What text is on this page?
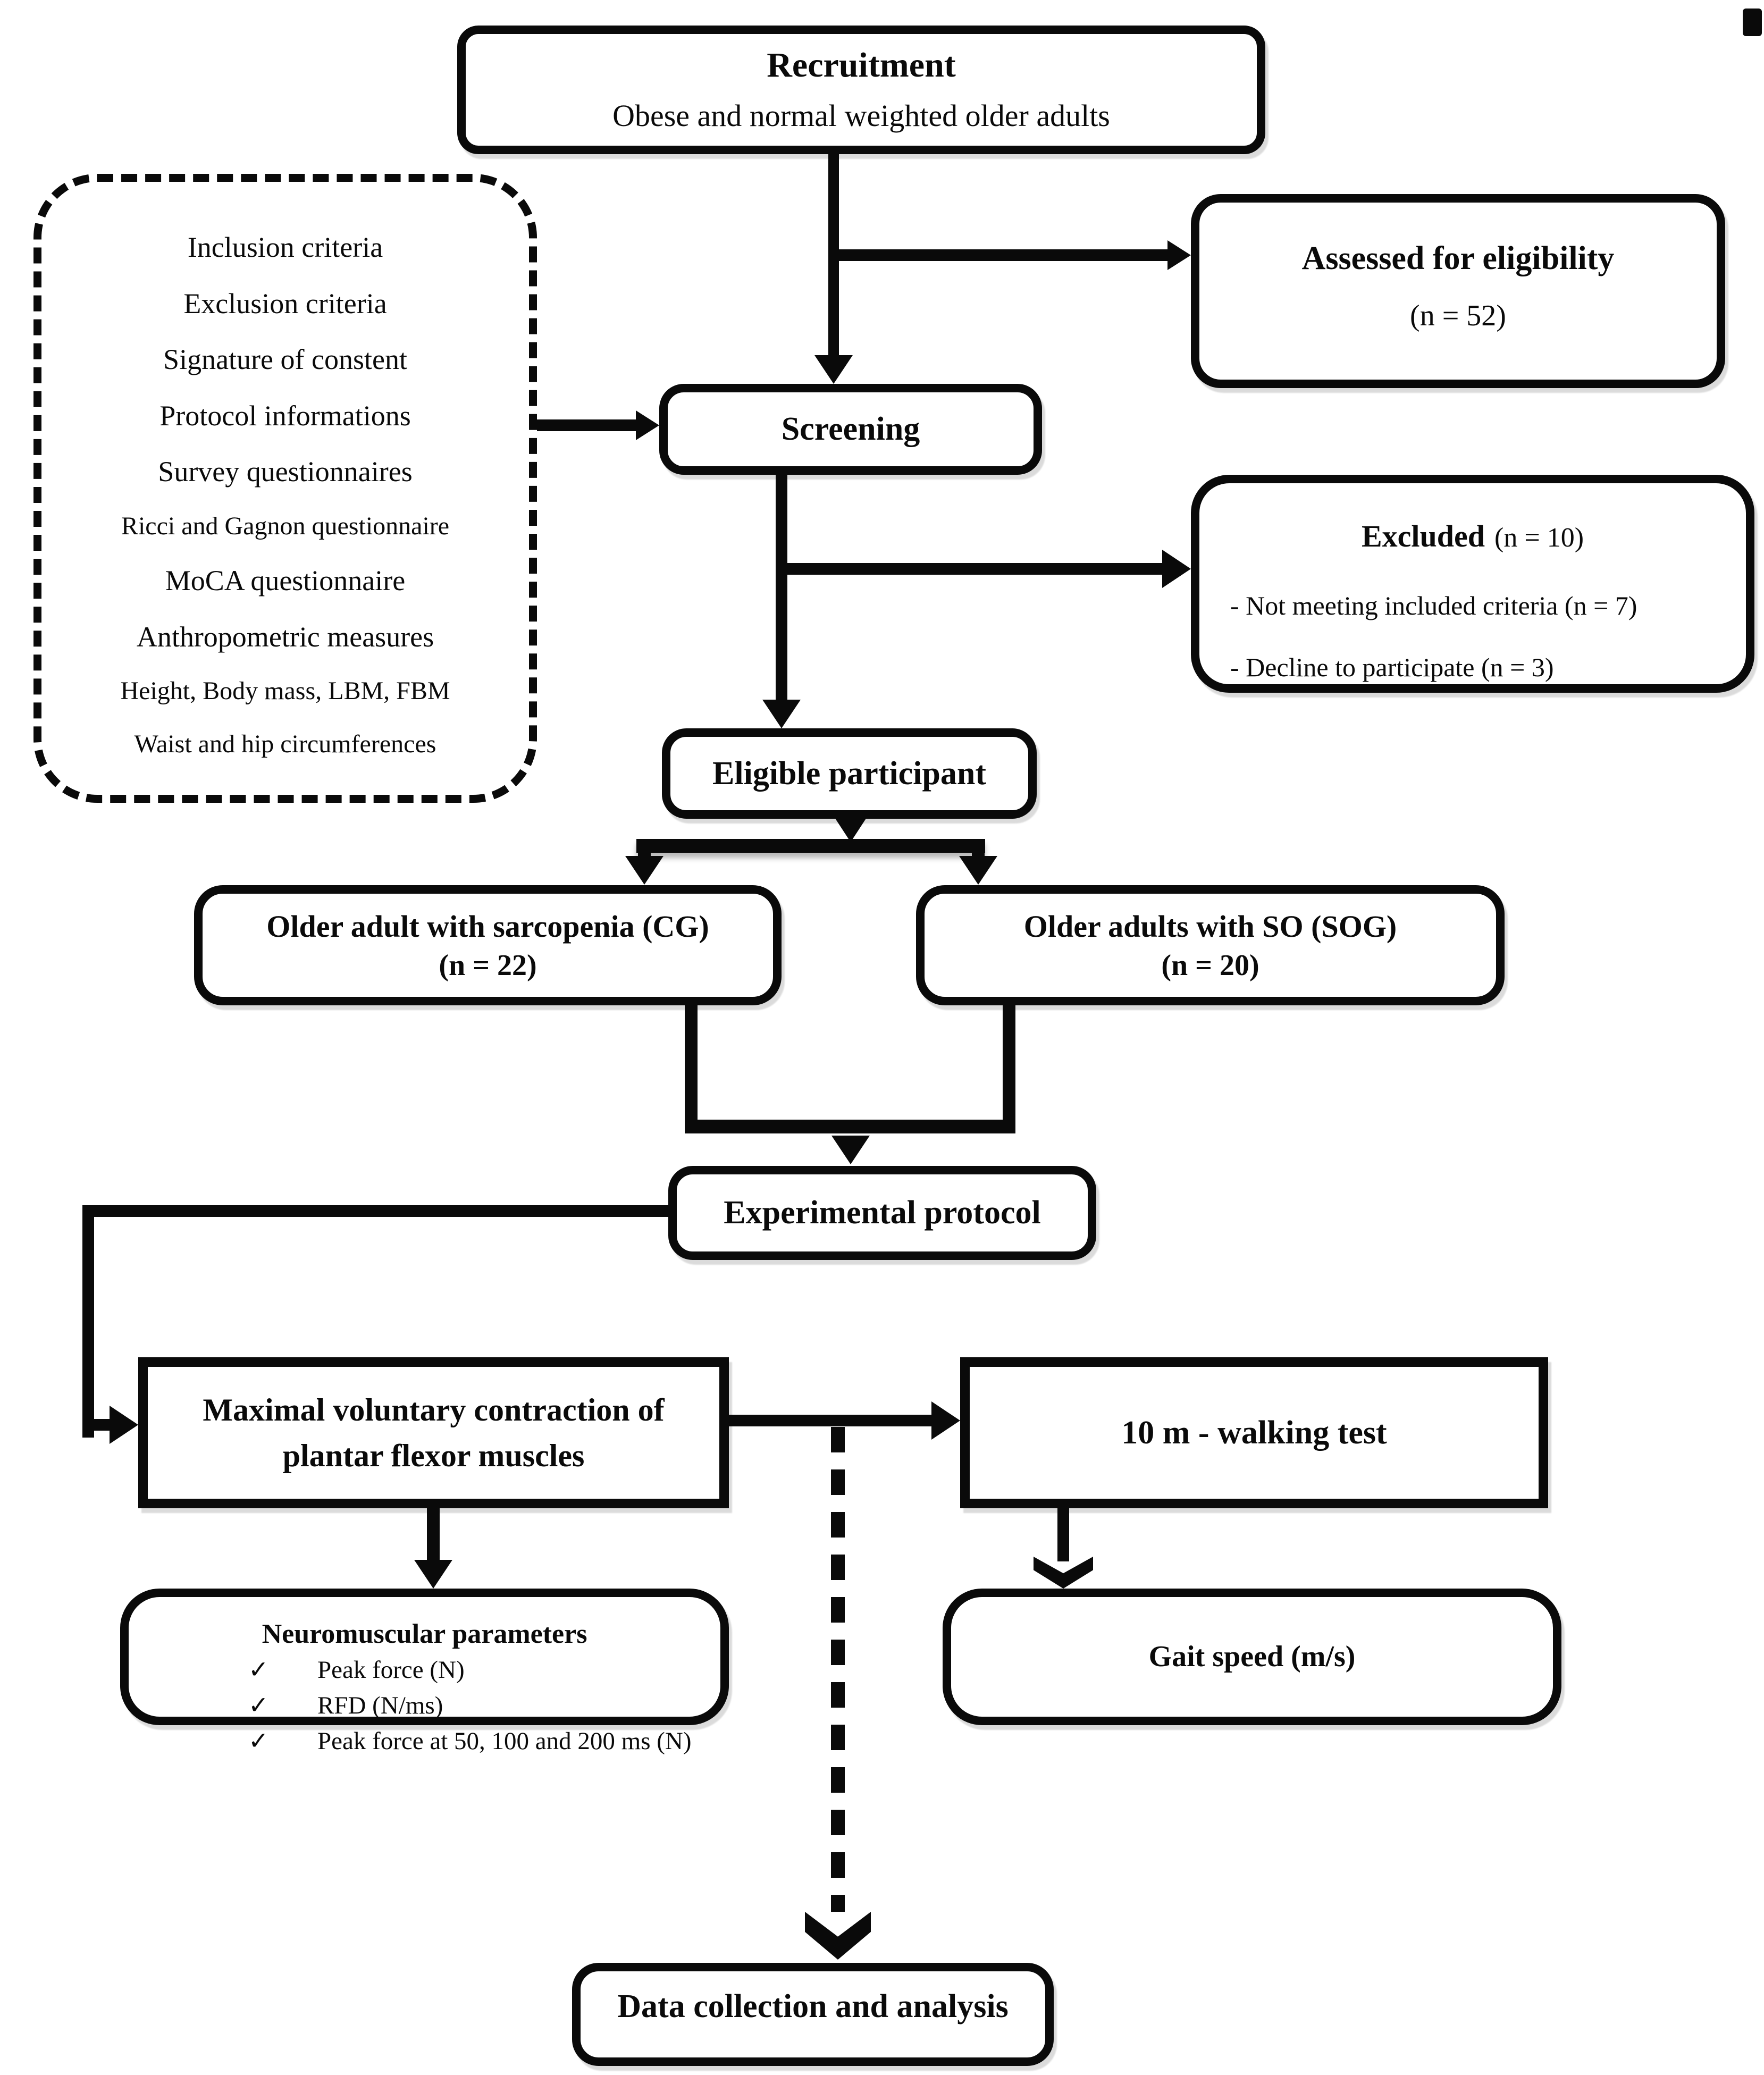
Recruitment
Obese and normal weighted older adults
Inclusion criteria
Exclusion criteria
Signature of constent
Protocol informations
Survey questionnaires
Ricci and Gagnon questionnaire
MoCA questionnaire
Anthropometric measures
Height, Body mass, LBM, FBM
Waist and hip circumferences
Assessed for eligibility
(n = 52)
Screening
Excluded (n = 10)
- Not meeting included criteria (n = 7)
- Decline to participate (n = 3)
Eligible participant
Older adult with sarcopenia (CG)
(n = 22)
Older adults with SO (SOG)
(n = 20)
Experimental protocol
Maximal voluntary contraction of
plantar flexor muscles
10 m - walking test
Neuromuscular parameters
✓	Peak force (N)
✓	RFD (N/ms)
✓	Peak force at 50, 100 and 200 ms (N)
Gait speed (m/s)
Data collection and analysis
